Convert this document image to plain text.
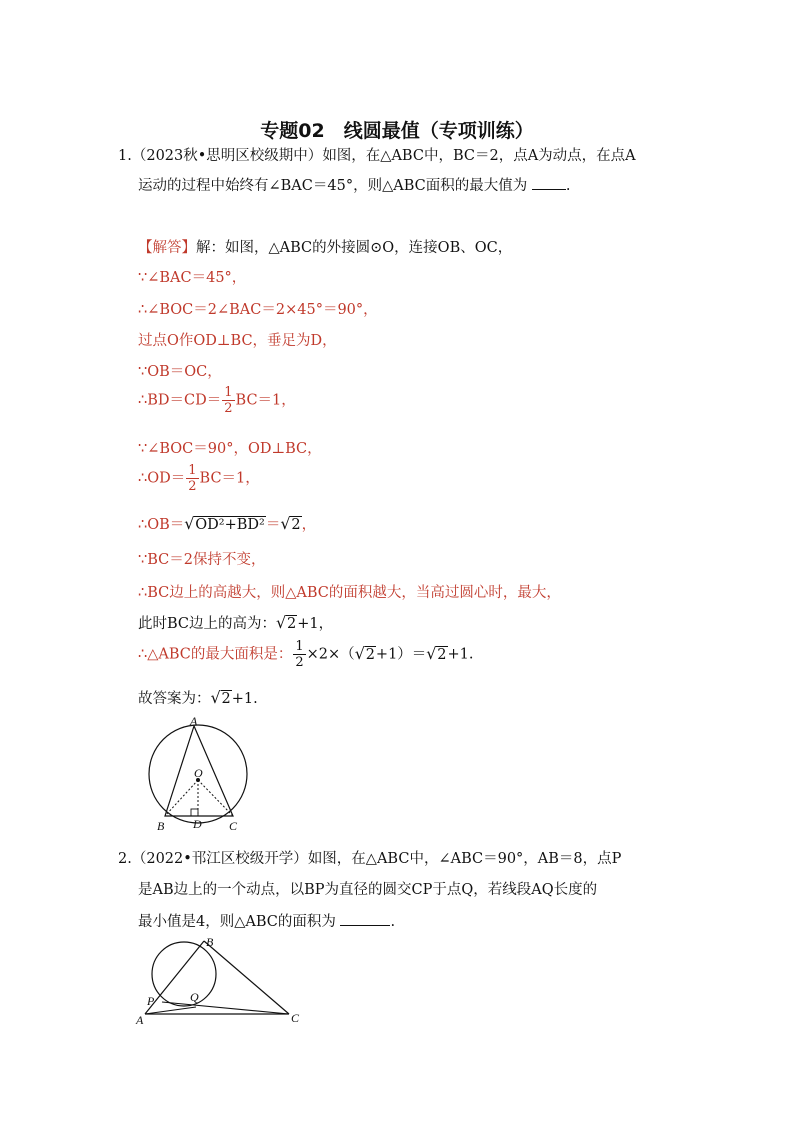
专题02　线圆最值（专项训练）
1.（2023秋•思明区校级期中）如图，在△ABC中，BC＝2，点A为动点，在点A
运动的过程中始终有∠BAC＝45°，则△ABC面积的最大值为	.
【解答】解：如图，△ABC的外接圆⊙O，连接OB、OC，
∵∠BAC＝45°，
∴∠BOC＝2∠BAC＝2×45°＝90°，
过点O作OD⊥BC，垂足为D，
∵OB＝OC，
∴BD＝CD＝ $\frac{1}{2} BC=1$，
∵∠BOC＝90°，OD⊥BC，
∴OD＝ $\frac{1}{2} BC=1$，
∴OB＝ √ OD²+BD²＝ √ 2，
∵BC＝2保持不变，
∴BC边上的高越大，则△ABC的面积越大，当高过圆心时，最大，
此时BC边上的高为： √ 2+1，
∴△ABC的最大面积是： $\frac{1}{2} \times 2\times$（ √ 2+1）＝ √ 2+1.
故答案为： √ 2+1.
A
O
B D C
2.（2022•邗江区校级开学）如图，在△ABC中，∠ABC＝90°，AB＝8，点P
是AB边上的一个动点，以BP为直径的圆交CP于点Q，若线段AQ长度的
最小值是4，则△ABC的面积为	.
B
P	Q
A	C
